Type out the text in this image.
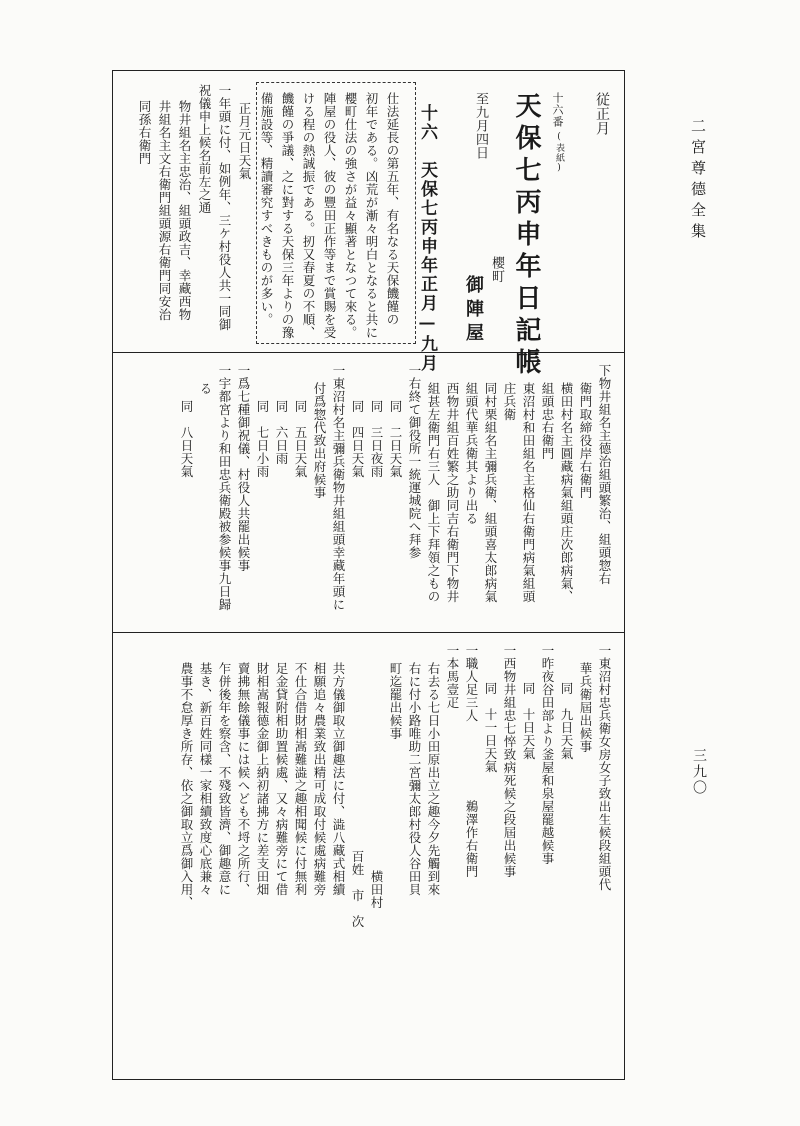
二宮尊德全集
三九〇
従正月
十六番
(表紙)
天保七丙申年日記帳
至九月四日
櫻町
御陣屋
十六　天保七丙申年正月—九月
仕法延長の第五年、有名なる天保饑饉の
初年である。凶荒が漸々明白となると共に
櫻町仕法の強さが益々顯著となつて來る。
陣屋の役人、彼の豐田正作等まで賞賜を受
ける程の熱誠振である。扨又春夏の不順、
饑饉の爭議、之に對する天保三年よりの豫
備施設等、精讀審究すべきものが多い。
正月元日天氣
一年頭に付、如例年、三ケ村役人共一同御
祝儀申上候名前左之通
物井組名主忠治、組頭政吉、幸藏西物
井組名主文右衛門組頭源右衛門同安治
同孫右衛門
下物井組名主德治組頭繁治、組頭惣右
衛門取締役岸右衛門
横田村名主圓藏病氣組頭庄次郎病氣、
組頭忠右衛門
東沼村和田組名主格仙右衛門病氣組頭
庄兵衛
同村栗組名主彌兵衛、組頭喜太郎病氣
組頭代華兵衛其より出る
西物井組百姓繁之助同吉右衛門下物井
組甚左衛門右三人　御上下拜領之もの
一右終て御役所一統運城院へ拜参
同　二日天氣
同　三日夜雨
同　四日天氣
一東沼村名主彌兵衛物井組組頭幸藏年頭に
付爲惣代致出府候事
同　五日天氣
同　六日雨
同　七日小雨
一爲七種御祝儀、村役人共罷出候事
一宇都宮より和田忠兵衛殿被参候事九日歸
る
同　八日天氣
一東沼村忠兵衛女房女子致出生候段組頭代
華兵衛屆出候事
同　九日天氣
一昨夜谷田部より釜屋和泉屋罷越候事
同　十日天氣
一西物井組忠七悴致病死候之段屆出候事
同　十一日天氣
一職人足三人　　　　　　鵜澤作右衛門
一本馬壹疋
右去る七日小田原出立之趣今夕先觸到來
右に付小路唯助二宮彌太郎村役人谷田貝
町迄罷出候事
横田村
百姓　市　次
共方儀御取立御趣法に付、澁八藏式相續
相願追々農業致出精可成取付候處病難旁
不仕合借財相嵩難澁之趣相聞候に付無利
足金貸附相助置候處、又々病難旁にて借
財相嵩報德金御上納初諸拂方に差支田畑
賣拂無餘儀事には候へども不埒之所行、
乍併後年を察含、不殘致皆濟、御趣意に
基き、新百姓同樣一家相續致度心底兼々
農事不怠厚き所存、依之御取立爲御入用、
